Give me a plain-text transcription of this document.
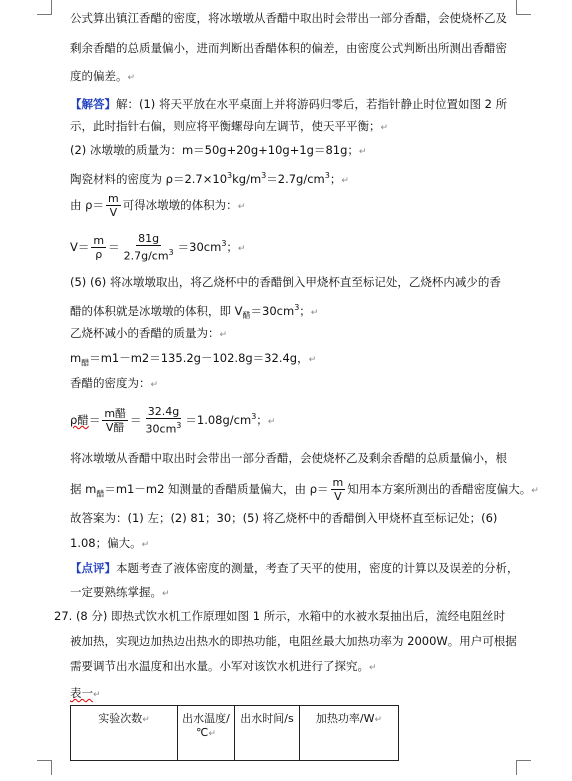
公式算出镇江香醋的密度，将冰墩墩从香醋中取出时会带出一部分香醋，会使烧杯乙及
剩余香醋的总质量偏小，进而判断出香醋体积的偏差，由密度公式判断出所测出香醋密
度的偏差。↵
【解答】解：(1) 将天平放在水平桌面上并将游码归零后，若指针静止时位置如图 2 所
示，此时指针右偏，则应将平衡螺母向左调节，使天平平衡；↵
(2) 冰墩墩的质量为：m＝50g+20g+10g+1g＝81g；↵
陶瓷材料的密度为 $\rho=2.7\times 10^3kg/m^3=2.7g/cm^3$；↵
由 $\rho= \frac{m}{V}$ 可得冰墩墩的体积为：↵
$V= \frac{m}{\rho} = \frac{81g}{2.7g/cm^3} =30cm^3$；↵
(5) (6) 将冰墩墩取出，将乙烧杯中的香醋倒入甲烧杯直至标记处，乙烧杯内减少的香
醋的体积就是冰墩墩的体积，即 $V_醋=30cm^3$；↵
乙烧杯减小的香醋的质量为：↵
$m_醋=m1-m2=135.2g-102.8g=32.4g$，↵
香醋的密度为：↵
ρ醋＝ $\frac{\text{m醋}}{\text{V醋}} = \frac{32.4g}{30cm^3} =1.08g/cm^3$；↵
将冰墩墩从香醋中取出时会带出一部分香醋，会使烧杯乙及剩余香醋的总质量偏小，根
据 $m_醋=m1-m2$ 知测量的香醋质量偏大，由 $\rho= \frac{m}{V}$ 知用本方案所测出的香醋密度偏大。↵
故答案为：(1) 左；(2) 81；30；(5) 将乙烧杯中的香醋倒入甲烧杯直至标记处；(6)
1.08；偏大。↵
【点评】本题考查了液体密度的测量，考查了天平的使用，密度的计算以及误差的分析，
一定要熟练掌握。↵
27. (8 分) 即热式饮水机工作原理如图 1 所示，水箱中的水被水泵抽出后，流经电阻丝时
被加热，实现边加热边出热水的即热功能，电阻丝最大加热功率为 2000W。用户可根据
需要调节出水温度和出水量。小军对该饮水机进行了探究。↵
表一↵
实验次数↵	出水温度/℃↵	出水时间/s	加热功率/W↵
